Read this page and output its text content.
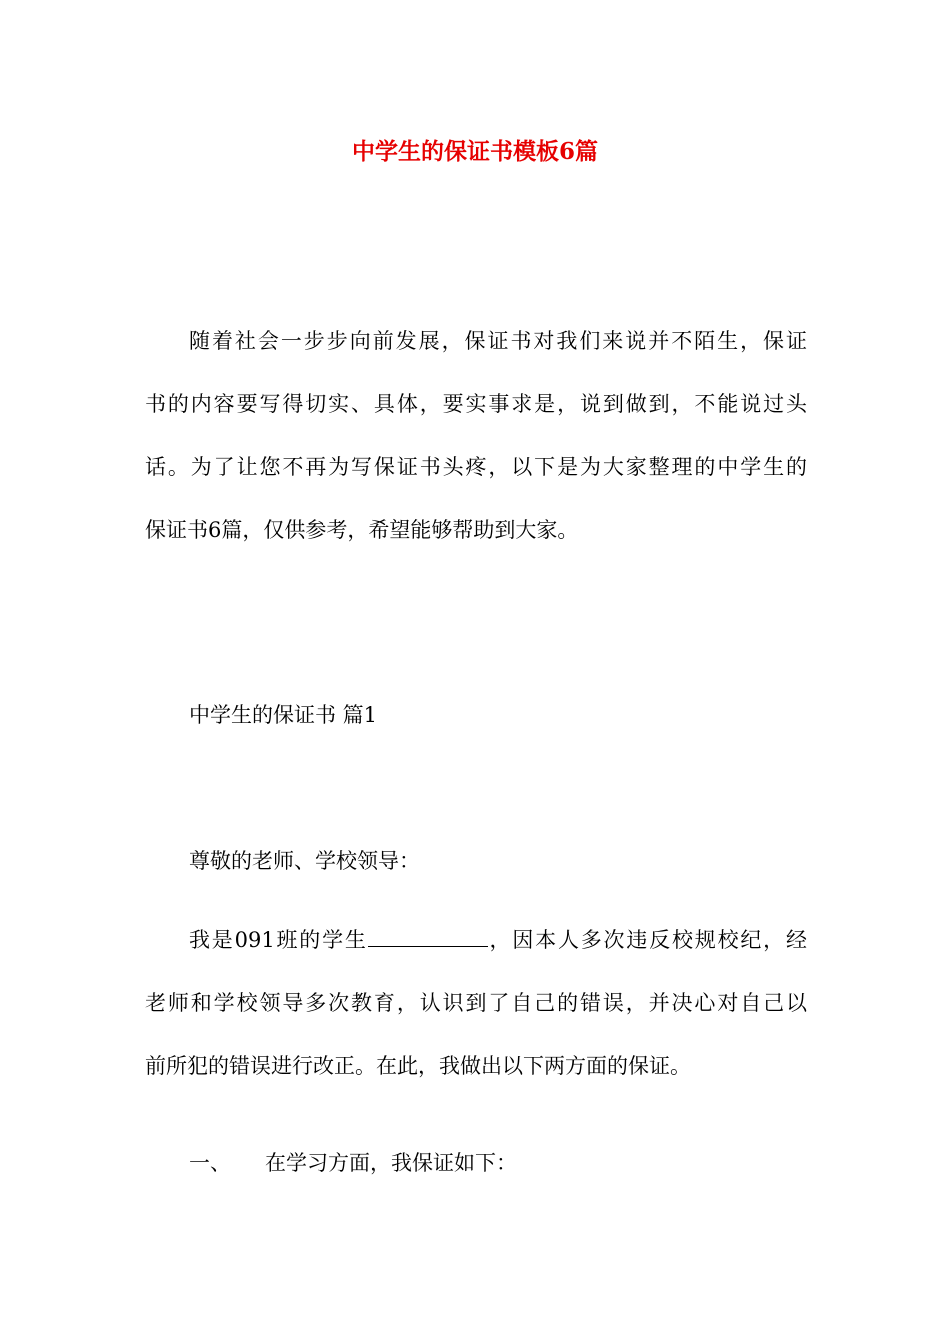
中学生的保证书模板6篇
随着社会一步步向前发展，保证书对我们来说并不陌生，保证
书的内容要写得切实、具体，要实事求是，说到做到，不能说过头
话。为了让您不再为写保证书头疼，以下是为大家整理的中学生的
保证书6篇，仅供参考，希望能够帮助到大家。
中学生的保证书 篇1
尊敬的老师、学校领导：
我是091班的学生	，因本人多次违反校规校纪，经
老师和学校领导多次教育，认识到了自己的错误，并决心对自己以
前所犯的错误进行改正。在此，我做出以下两方面的保证。
一、 在学习方面，我保证如下：
